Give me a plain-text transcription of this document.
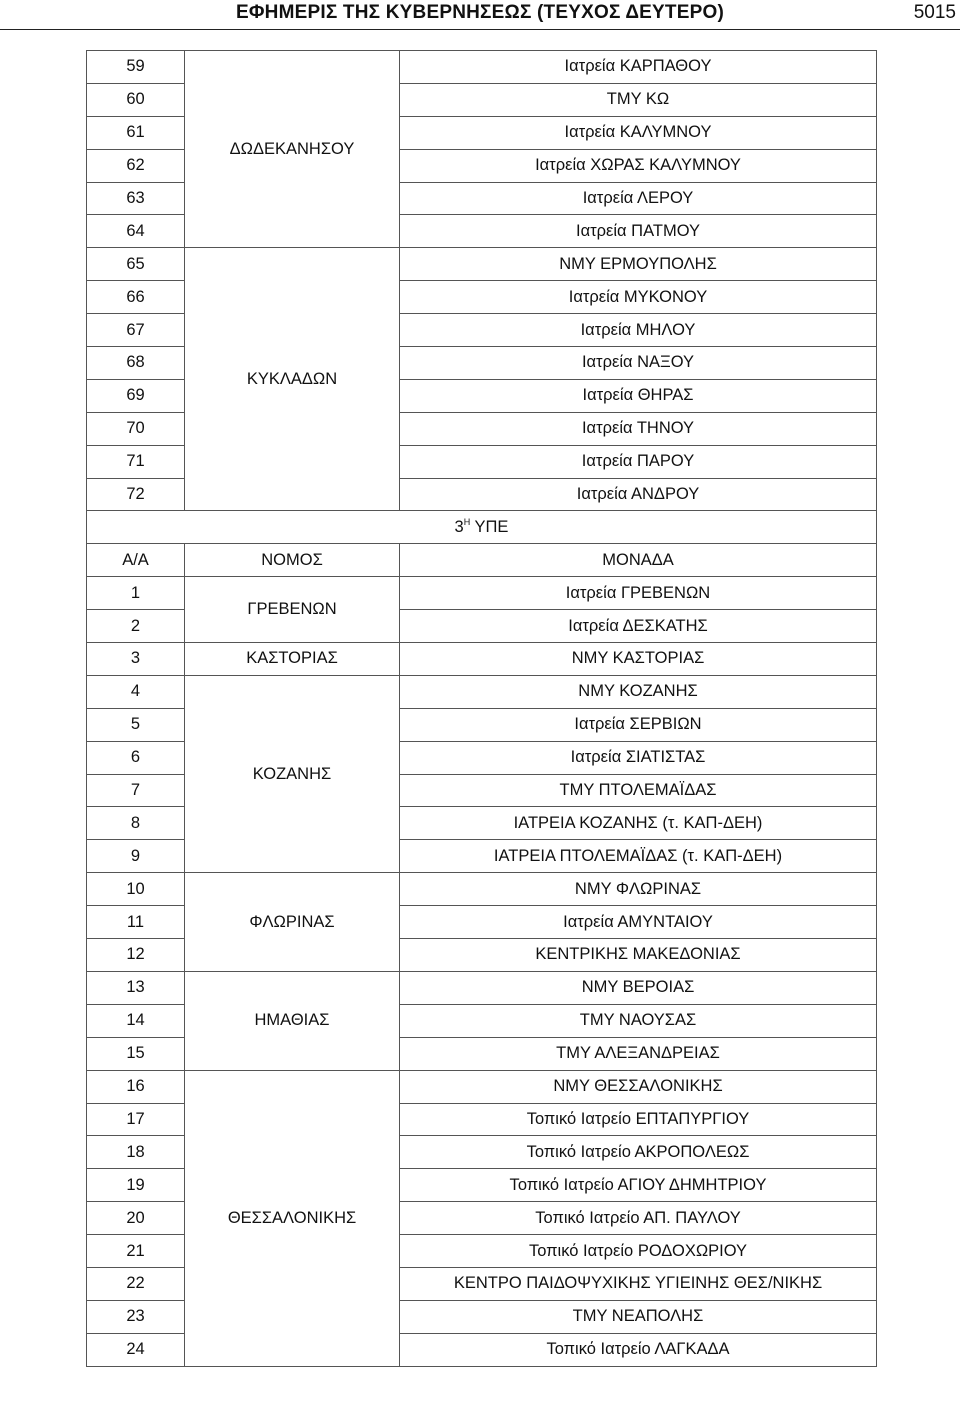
ΕΦΗΜΕΡΙΣ ΤΗΣ ΚΥΒΕΡΝΗΣΕΩΣ (ΤΕΥΧΟΣ ΔΕΥΤΕΡΟ)	5015
59	ΔΩΔΕΚΑΝΗΣΟΥ	Ιατρεία ΚΑΡΠΑΘΟΥ
60		ΤΜΥ ΚΩ
61		Ιατρεία ΚΑΛΥΜΝΟΥ
62		Ιατρεία ΧΩΡΑΣ ΚΑΛΥΜΝΟΥ
63		Ιατρεία ΛΕΡΟΥ
64		Ιατρεία ΠΑΤΜΟΥ
65	ΚΥΚΛΑΔΩΝ	ΝΜΥ ΕΡΜΟΥΠΟΛΗΣ
66		Ιατρεία ΜΥΚΟΝΟΥ
67		Ιατρεία ΜΗΛΟΥ
68		Ιατρεία ΝΑΞΟΥ
69		Ιατρεία ΘΗΡΑΣ
70		Ιατρεία ΤΗΝΟΥ
71		Ιατρεία ΠΑΡΟΥ
72		Ιατρεία ΑΝΔΡΟΥ
$3^H$ ΥΠΕ		
Α/Α	ΝΟΜΟΣ	ΜΟΝΑΔΑ
1	ΓΡΕΒΕΝΩΝ	Ιατρεία ΓΡΕΒΕΝΩΝ
2		Ιατρεία ΔΕΣΚΑΤΗΣ
3	ΚΑΣΤΟΡΙΑΣ	ΝΜΥ ΚΑΣΤΟΡΙΑΣ
4	ΚΟΖΑΝΗΣ	ΝΜΥ ΚΟΖΑΝΗΣ
5		Ιατρεία ΣΕΡΒΙΩΝ
6		Ιατρεία ΣΙΑΤΙΣΤΑΣ
7		ΤΜΥ ΠΤΟΛΕΜΑΪΔΑΣ
8		ΙΑΤΡΕΙΑ ΚΟΖΑΝΗΣ (τ. ΚΑΠ-ΔΕΗ)
9		ΙΑΤΡΕΙΑ ΠΤΟΛΕΜΑΪΔΑΣ (τ. ΚΑΠ-ΔΕΗ)
10	ΦΛΩΡΙΝΑΣ	ΝΜΥ ΦΛΩΡΙΝΑΣ
11		Ιατρεία ΑΜΥΝΤΑΙΟΥ
12		ΚΕΝΤΡΙΚΗΣ ΜΑΚΕΔΟΝΙΑΣ
13	ΗΜΑΘΙΑΣ	ΝΜΥ ΒΕΡΟΙΑΣ
14		ΤΜΥ ΝΑΟΥΣΑΣ
15		ΤΜΥ ΑΛΕΞΑΝΔΡΕΙΑΣ
16	ΘΕΣΣΑΛΟΝΙΚΗΣ	ΝΜΥ ΘΕΣΣΑΛΟΝΙΚΗΣ
17		Τοπικό Ιατρείο ΕΠΤΑΠΥΡΓΙΟΥ
18		Τοπικό Ιατρείο ΑΚΡΟΠΟΛΕΩΣ
19		Τοπικό Ιατρείο ΑΓΙΟΥ ΔΗΜΗΤΡΙΟΥ
20		Τοπικό Ιατρείο ΑΠ. ΠΑΥΛΟΥ
21		Τοπικό Ιατρείο ΡΟΔΟΧΩΡΙΟΥ
22		ΚΕΝΤΡΟ ΠΑΙΔΟΨΥΧΙΚΗΣ ΥΓΙΕΙΝΗΣ ΘΕΣ/ΝΙΚΗΣ
23		ΤΜΥ ΝΕΑΠΟΛΗΣ
24		Τοπικό Ιατρείο ΛΑΓΚΑΔΑ
